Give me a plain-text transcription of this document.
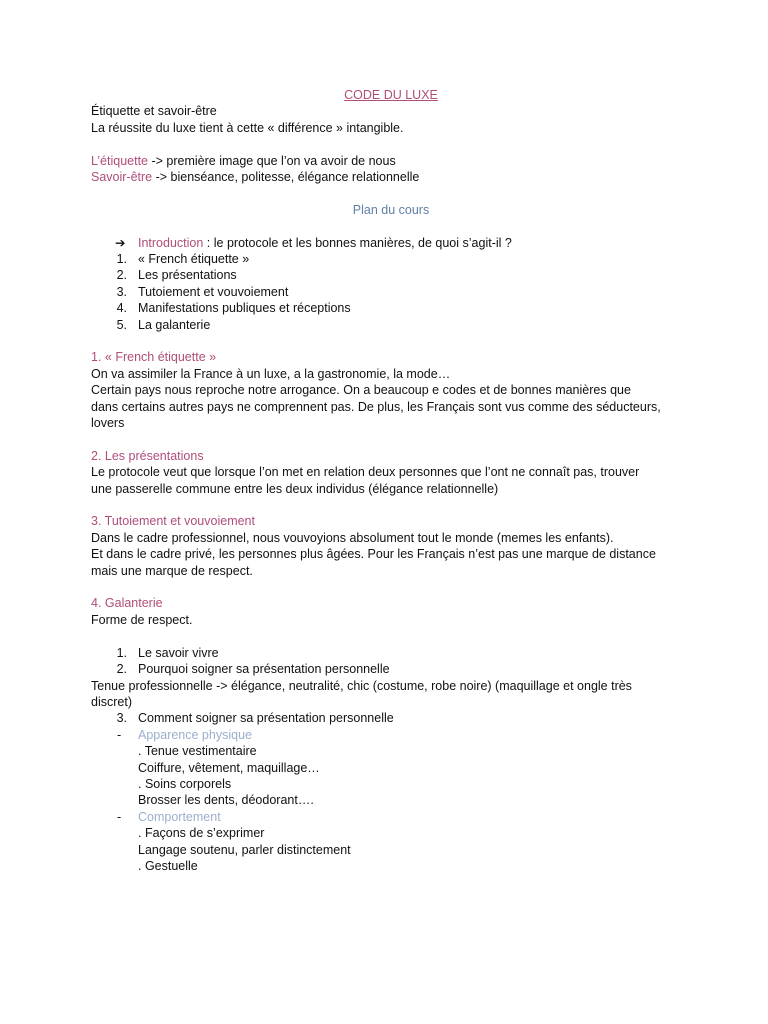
CODE DU LUXE

Étiquette et savoir-être

La réussite du luxe tient à cette « différence » intangible.

L’étiquette -> première image que l’on va avoir de nous

Savoir-être -> bienséance, politesse, élégance relationnelle

Plan du cours

➔ Introduction : le protocole et les bonnes manières, de quoi s’agit-il ?
1. « French étiquette »
2. Les présentations
3. Tutoiement et vouvoiement
4. Manifestations publiques et réceptions
5. La galanterie

1. « French étiquette »

On va assimiler la France à un luxe, a la gastronomie, la mode…

Certain pays nous reproche notre arrogance. On a beaucoup e codes et de bonnes manières que

dans certains autres pays ne comprennent pas. De plus, les Français sont vus comme des séducteurs,

lovers

2. Les présentations

Le protocole veut que lorsque l’on met en relation deux personnes que l’ont ne connaît pas, trouver

une passerelle commune entre les deux individus (élégance relationnelle)

3. Tutoiement et vouvoiement

Dans le cadre professionnel, nous vouvoyions absolument tout le monde (memes les enfants).

Et dans le cadre privé, les personnes plus âgées. Pour les Français n’est pas une marque de distance

mais une marque de respect.

4. Galanterie

Forme de respect.

1. Le savoir vivre
2. Pourquoi soigner sa présentation personnelle

Tenue professionnelle -> élégance, neutralité, chic (costume, robe noire) (maquillage et ongle très

discret)

3. Comment soigner sa présentation personnelle
- Apparence physique

. Tenue vestimentaire

Coiffure, vêtement, maquillage…

. Soins corporels

Brosser les dents, déodorant….

- Comportement

. Façons de s’exprimer

Langage soutenu, parler distinctement

. Gestuelle
